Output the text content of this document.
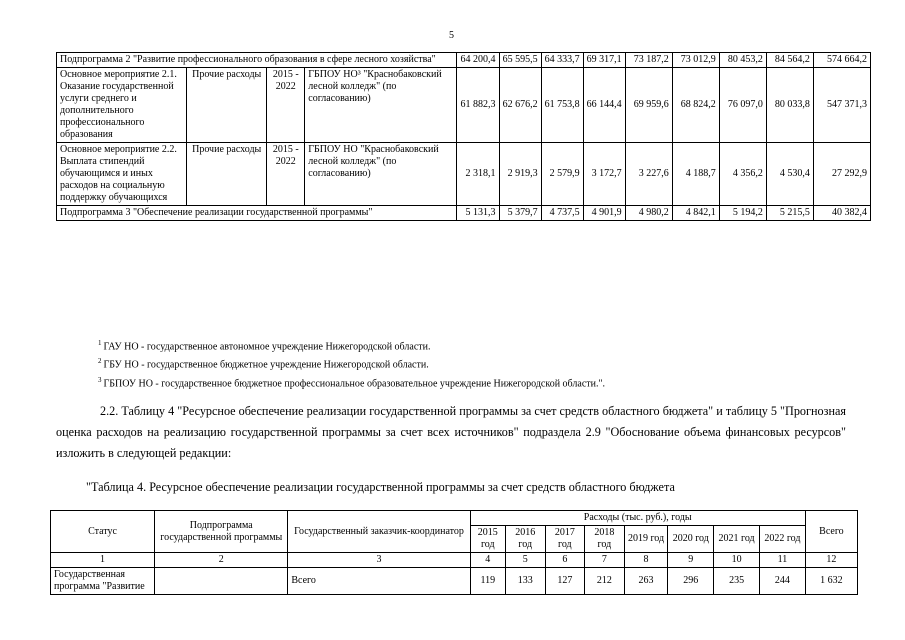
5
Подпрограмма 2 "Развитие профессионального образования в сфере лесного хозяйства"				64 200,4	65 595,5	64 333,7	69 317,1	73 187,2	73 012,9	80 453,2	84 564,2	574 664,2
Основное мероприятие 2.1. Оказание государственной услуги среднего и дополнительного профессионального образования	Прочие расходы	2015 - 2022	ГБПОУ НО³ "Краснобаковский лесной колледж" (по согласованию)	61 882,3	62 676,2	61 753,8	66 144,4	69 959,6	68 824,2	76 097,0	80 033,8	547 371,3
Основное мероприятие 2.2. Выплата стипендий обучающимся и иных расходов на социальную поддержку обучающихся	Прочие расходы	2015 - 2022	ГБПОУ НО "Краснобаковский лесной колледж" (по согласованию)	2 318,1	2 919,3	2 579,9	3 172,7	3 227,6	4 188,7	4 356,2	4 530,4	27 292,9
Подпрограмма 3 "Обеспечение реализации государственной программы"				5 131,3	5 379,7	4 737,5	4 901,9	4 980,2	4 842,1	5 194,2	5 215,5	40 382,4
$^1$ ГАУ НО - государственное автономное учреждение Нижегородской области.
$^2$ ГБУ НО - государственное бюджетное учреждение Нижегородской области.
$^3$ ГБПОУ НО - государственное бюджетное профессиональное образовательное учреждение Нижегородской области.".
2.2. Таблицу 4 "Ресурсное обеспечение реализации государственной программы за счет средств областного бюджета" и таблицу 5 "Прогнозная оценка расходов на реализацию государственной программы за счет всех источников" подраздела 2.9 "Обоснование объема финансовых ресурсов" изложить в следующей редакции:
"Таблица 4. Ресурсное обеспечение реализации государственной программы за счет средств областного бюджета
Статус	Подпрограмма государственной программы	Государственный заказчик-координатор	Расходы (тыс. руб.), годы								Всего
			2015 год	2016 год	2017 год	2018 год	2019 год	2020 год	2021 год	2022 год	
1	2	3	4	5	6	7	8	9	10	11	12
Государственная программа "Развитие		Всего	119	133	127	212	263	296	235	244	1 632
